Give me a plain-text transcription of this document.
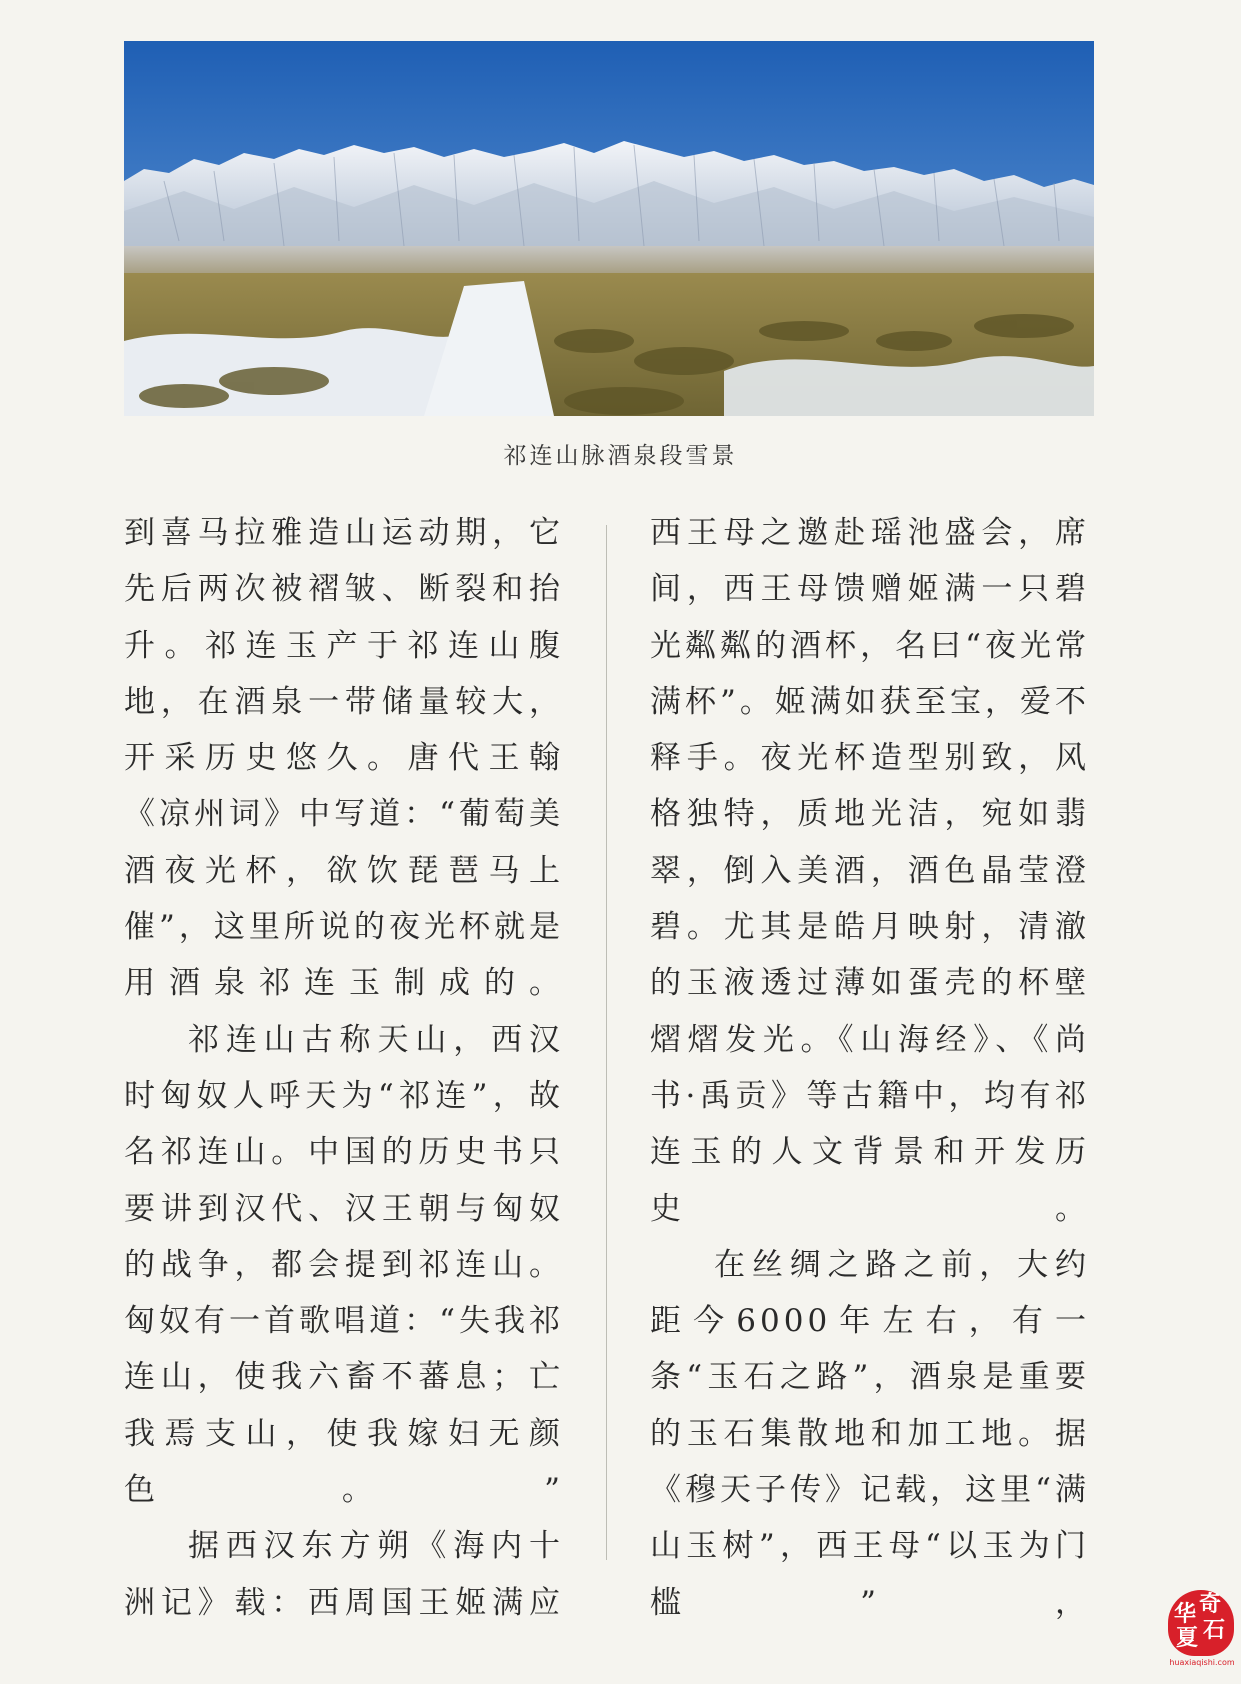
祁连山脉酒泉段雪景

到喜马拉雅造山运动期，它先后两次被褶皱、断裂和抬升。祁连玉产于祁连山腹地，在酒泉一带储量较大，开采历史悠久。唐代王翰《凉州词》中写道：“葡萄美酒夜光杯，欲饮琵琶马上催”，这里所说的夜光杯就是用酒泉祁连玉制成的。

祁连山古称天山，西汉时匈奴人呼天为“祁连”，故名祁连山。中国的历史书只要讲到汉代、汉王朝与匈奴的战争，都会提到祁连山。匈奴有一首歌唱道：“失我祁连山，使我六畜不蕃息；亡我焉支山，使我嫁妇无颜色。”

据西汉东方朔《海内十洲记》载：西周国王姬满应

西王母之邀赴瑶池盛会，席间，西王母馈赠姬满一只碧光粼粼的酒杯，名曰“夜光常满杯”。姬满如获至宝，爱不释手。夜光杯造型别致，风格独特，质地光洁，宛如翡翠，倒入美酒，酒色晶莹澄碧。尤其是皓月映射，清澈的玉液透过薄如蛋壳的杯壁熠熠发光。《山海经》、《尚书·禹贡》等古籍中，均有祁连玉的人文背景和开发历史。

在丝绸之路之前，大约距今6000年左右，有一条“玉石之路”，酒泉是重要的玉石集散地和加工地。据《穆天子传》记载，这里“满山玉树”，西王母“以玉为门槛”，	华 奇
夏 石
huaxiaqishi.com
